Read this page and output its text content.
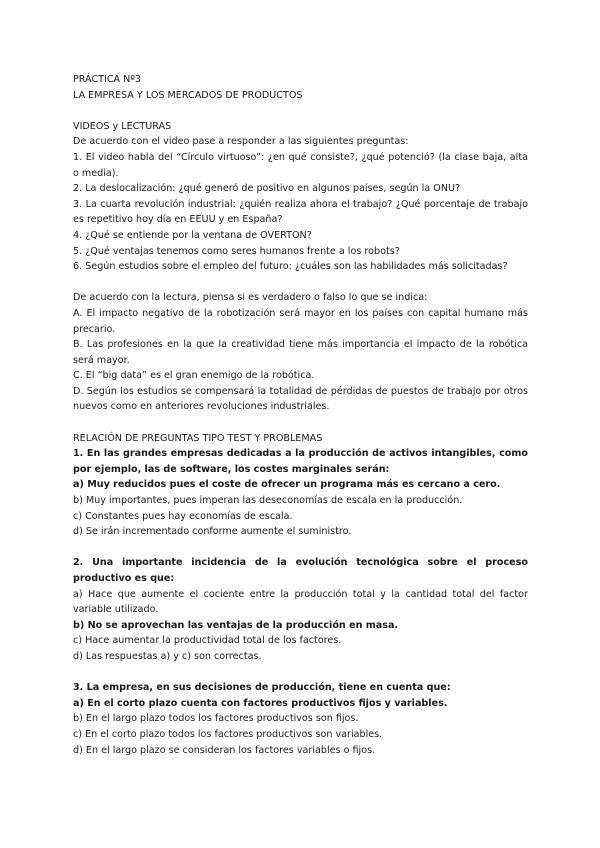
PRÁCTICA Nº3
LA EMPRESA Y LOS MERCADOS DE PRODUCTOS
VIDEOS y LECTURAS
De acuerdo con el video pase a responder a las siguientes preguntas:

1. El video habla del “Círculo virtuoso”: ¿en qué consiste?, ¿qué potenció? (la clase baja, alta o media).

2. La deslocalización: ¿qué generó de positivo en algunos países, según la ONU?

3. La cuarta revolución industrial: ¿quién realiza ahora el trabajo? ¿Qué porcentaje de trabajo es repetitivo hoy día en EEUU y en España?

4. ¿Qué se entiende por la ventana de OVERTON?

5. ¿Qué ventajas tenemos como seres humanos frente a los robots?

6. Según estudios sobre el empleo del futuro: ¿cuáles son las habilidades más solicitadas?

De acuerdo con la lectura, piensa si es verdadero o falso lo que se indica:

A. El impacto negativo de la robotización será mayor en los países con capital humano más precario.

B. Las profesiones en la que la creatividad tiene más importancia el impacto de la robótica será mayor.

C. El “big data” es el gran enemigo de la robótica.

D. Según los estudios se compensará la totalidad de pérdidas de puestos de trabajo por otros nuevos como en anteriores revoluciones industriales.

RELACIÓN DE PREGUNTAS TIPO TEST Y PROBLEMAS

1. En las grandes empresas dedicadas a la producción de activos intangibles, como por ejemplo, las de software, los costes marginales serán:

a) Muy reducidos pues el coste de ofrecer un programa más es cercano a cero.

b) Muy importantes, pues imperan las deseconomías de escala en la producción.

c) Constantes pues hay economías de escala.

d) Se irán incrementado conforme aumente el suministro.

2. Una importante incidencia de la evolución tecnológica sobre el proceso productivo es que:

a) Hace que aumente el cociente entre la producción total y la cantidad total del factor variable utilizado.

b) No se aprovechan las ventajas de la producción en masa.

c) Hace aumentar la productividad total de los factores.

d) Las respuestas a) y c) son correctas.

3. La empresa, en sus decisiones de producción, tiene en cuenta que:

a) En el corto plazo cuenta con factores productivos fijos y variables.

b) En el largo plazo todos los factores productivos son fijos.

c) En el corto plazo todos los factores productivos son variables.

d) En el largo plazo se consideran los factores variables o fijos.
